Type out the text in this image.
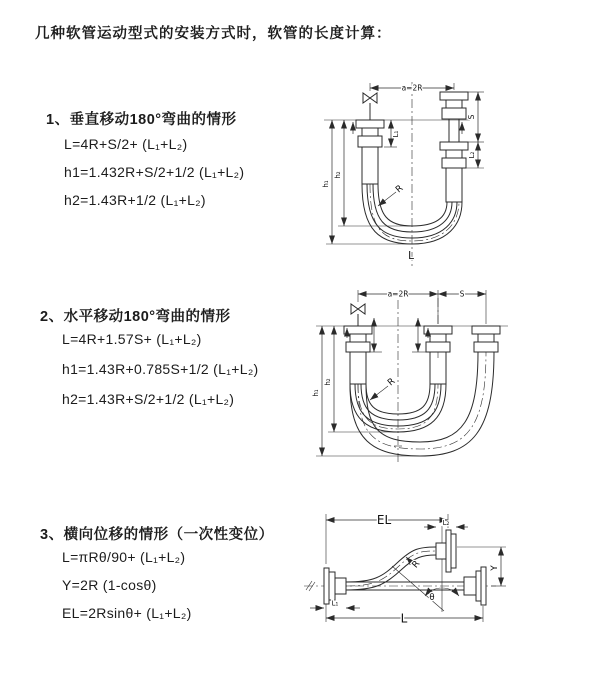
几种软管运动型式的安装方式时，软管的长度计算：
1、垂直移动180°弯曲的情形
L=4R+S/2+ (L₁+L₂)
h1=1.432R+S/2+1/2 (L₁+L₂)
h2=1.43R+1/2 (L₁+L₂)
a=2R
S
L₂
L₁
h₁
h₂
R
L
2、水平移动180°弯曲的情形
L=4R+1.57S+ (L₁+L₂)
h1=1.43R+0.785S+1/2 (L₁+L₂)
h2=1.43R+S/2+1/2 (L₁+L₂)
a=2R	S
h₁
h₂	R
3、横向位移的情形（一次性变位）
L=πRθ/90+ (L₁+L₂)
Y=2R (1-cosθ)
EL=2Rsinθ+ (L₁+L₂)
θ
EL	L₂
Y
L
L₁
R
